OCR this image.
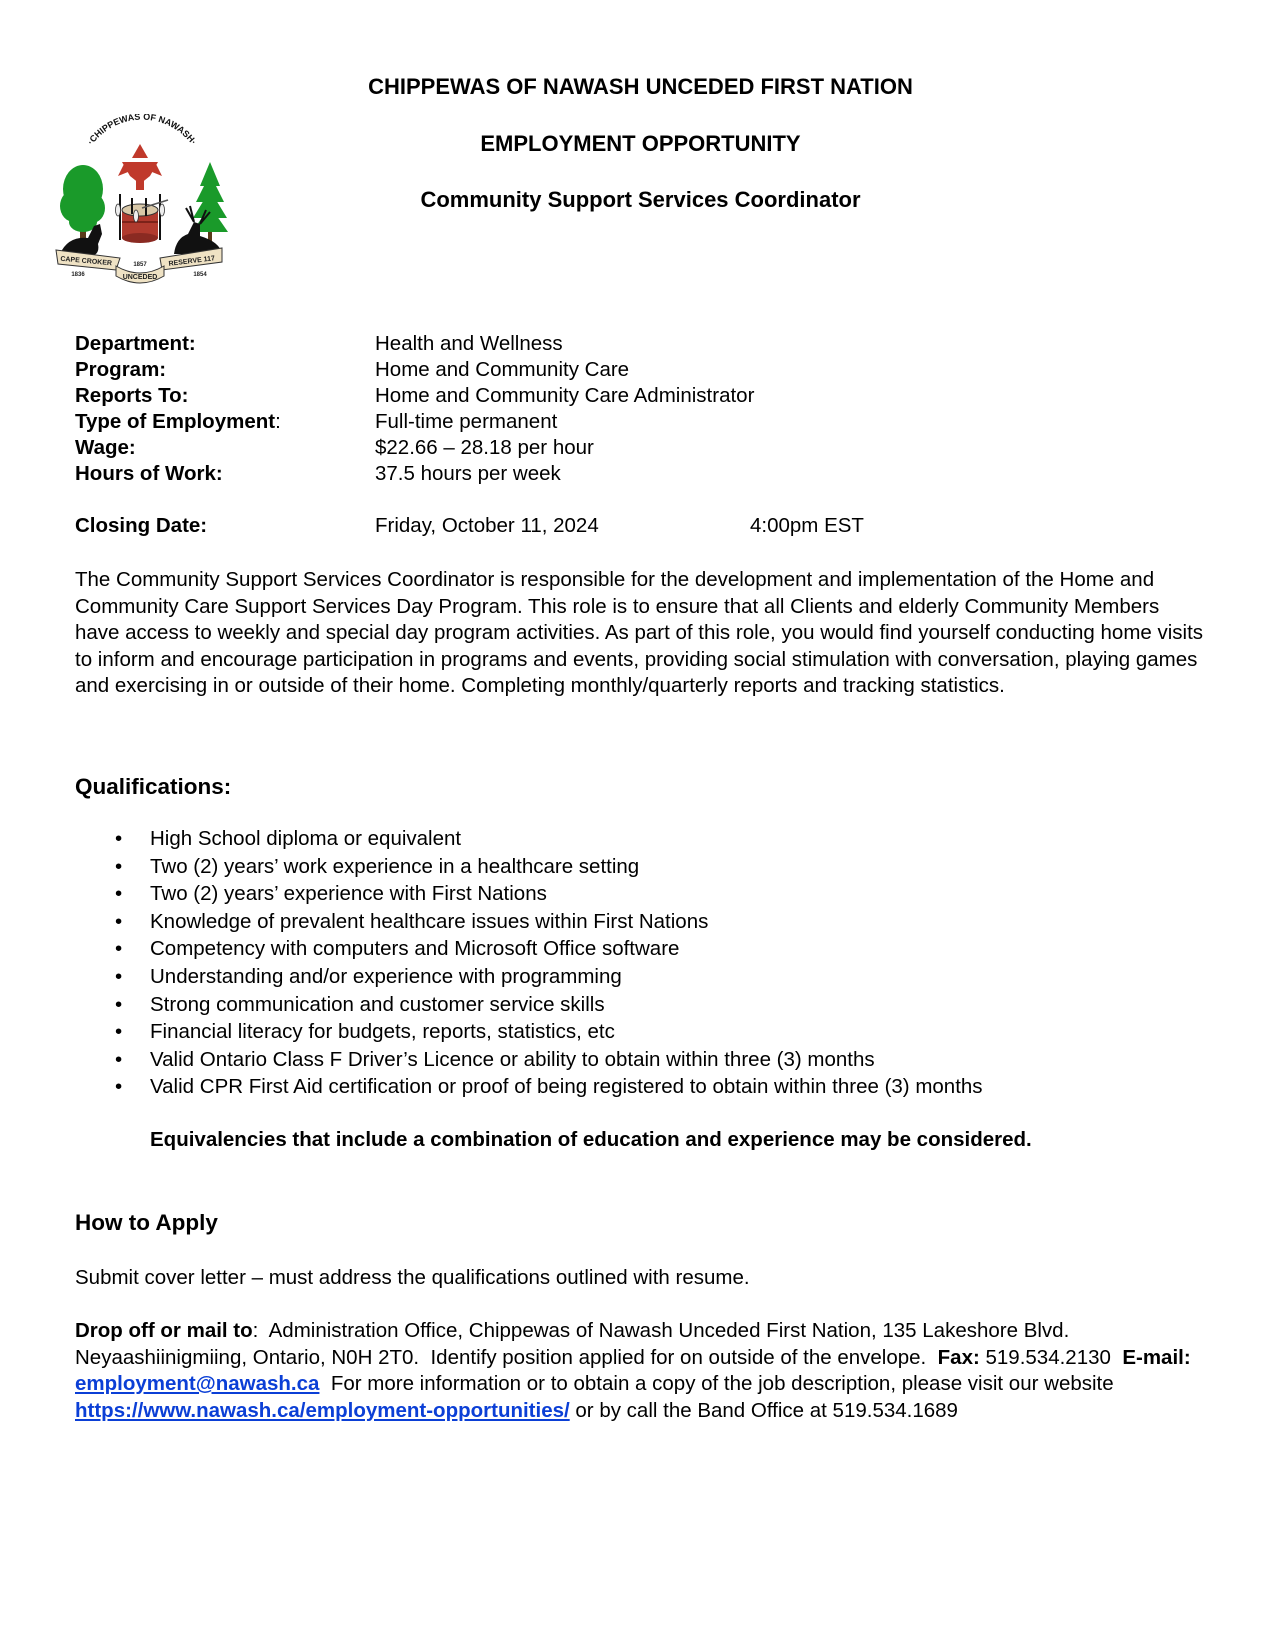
CHIPPEWAS OF NAWASH UNCEDED FIRST NATION
EMPLOYMENT OPPORTUNITY
Community Support Services Coordinator
·CHIPPEWAS OF NAWASH·
CAPE CROKER	RESERVE 117
UNCEDED
1836
1857
1854
Department:	Health and Wellness
Program:	Home and Community Care
Reports To:	Home and Community Care Administrator
Type of Employment:	Full-time permanent
Wage:	$22.66 – 28.18 per hour
Hours of Work:	37.5 hours per week
Closing Date:	Friday, October 11, 2024	4:00pm EST
The Community Support Services Coordinator is responsible for the development and implementation of the Home and Community Care Support Services Day Program. This role is to ensure that all Clients and elderly Community Members have access to weekly and special day program activities. As part of this role, you would find yourself conducting home visits to inform and encourage participation in programs and events, providing social stimulation with conversation, playing games and exercising in or outside of their home. Completing monthly/quarterly reports and tracking statistics.
Qualifications:
• High School diploma or equivalent
• Two (2) years’ work experience in a healthcare setting
• Two (2) years’ experience with First Nations
• Knowledge of prevalent healthcare issues within First Nations
• Competency with computers and Microsoft Office software
• Understanding and/or experience with programming
• Strong communication and customer service skills
• Financial literacy for budgets, reports, statistics, etc
• Valid Ontario Class F Driver’s Licence or ability to obtain within three (3) months
• Valid CPR First Aid certification or proof of being registered to obtain within three (3) months
Equivalencies that include a combination of education and experience may be considered.
How to Apply
Submit cover letter – must address the qualifications outlined with resume.
Drop off or mail to:  Administration Office, Chippewas of Nawash Unceded First Nation, 135 Lakeshore Blvd. Neyaashiinigmiing, Ontario, N0H 2T0.  Identify position applied for on outside of the envelope.  Fax: 519.534.2130  E-mail: employment@nawash.ca  For more information or to obtain a copy of the job description, please visit our website https://www.nawash.ca/employment-opportunities/ or by call the Band Office at 519.534.1689
